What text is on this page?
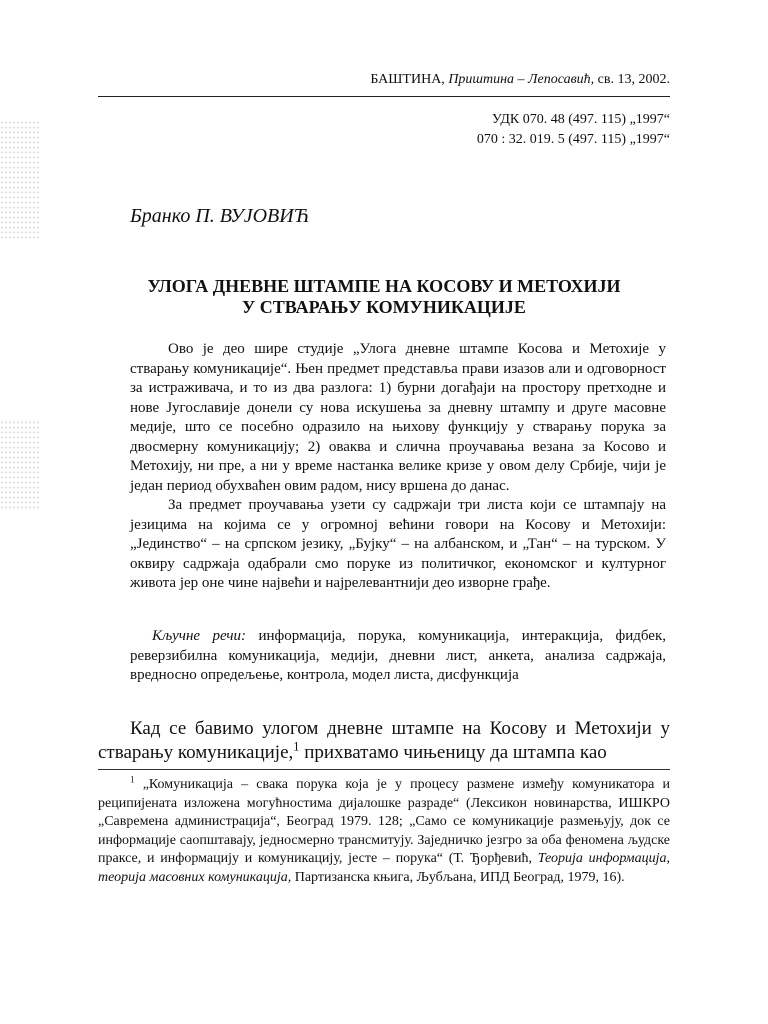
БАШТИНА, Приштина – Лепосавић, св. 13, 2002.
УДК 070. 48 (497. 115) „1997“
070 : 32. 019. 5 (497. 115) „1997“
Бранко П. ВУЈОВИЋ
УЛОГА ДНЕВНЕ ШТАМПЕ НА КОСОВУ И МЕТОХИЈИ
У СТВАРАЊУ КОМУНИКАЦИЈЕ

Ово је део шире студије „Улога дневне штампе Косова и Метохије у стварању комуникације“. Њен предмет представља прави изазов али и одговорност за истраживача, и то из два разлога: 1) бурни догађаји на простору претходне и нове Југославије донели су нова искушења за дневну штампу и друге масовне медије, што се посебно одразило на њихову функцију у стварању порука за двосмерну комуникацију; 2) оваква и слична проучавања везана за Косово и Метохију, ни пре, а ни у време настанка велике кризе у овом делу Србије, чији је један период обухваћен овим радом, нису вршена до данас.

За предмет проучавања узети су садржаји три листа који се штампају на језицима на којима се у огромној већини говори на Косову и Метохији: „Јединство“ – на српском језику, „Бујку“ – на албанском, и „Тан“ – на турском. У оквиру садржаја одабрали смо поруке из политичког, економског и културног живота јер оне чине највећи и најрелевантнији део изворне грађе.

Кључне речи: информација, порука, комуникација, интеракција, фидбек, реверзибилна комуникација, медији, дневни лист, анкета, анализа садржаја, вредносно опредељење, контрола, модел листа, дисфункција

Кад се бавимо улогом дневне штампе на Косову и Метохији у стварању комуникације,$^1$ прихватамо чињеницу да штампа као

$^1$ „Комуникација – свака порука која је у процесу размене између комуникатора и реципијената изложена могућностима дијалошке разраде“ (Лексикон новинарства, ИШКРО „Савремена администрација“, Београд 1979. 128; „Само се комуникације размењују, док се информације саопштавају, једносмерно трансмитују. Заједничко језгро за оба феномена људске праксе, и информацију и комуникацију, јесте – порука“ (Т. Ђорђевић, Теорија информација, теорија масовних комуникација, Партизанска књига, Љубљана, ИПД Београд, 1979, 16).
